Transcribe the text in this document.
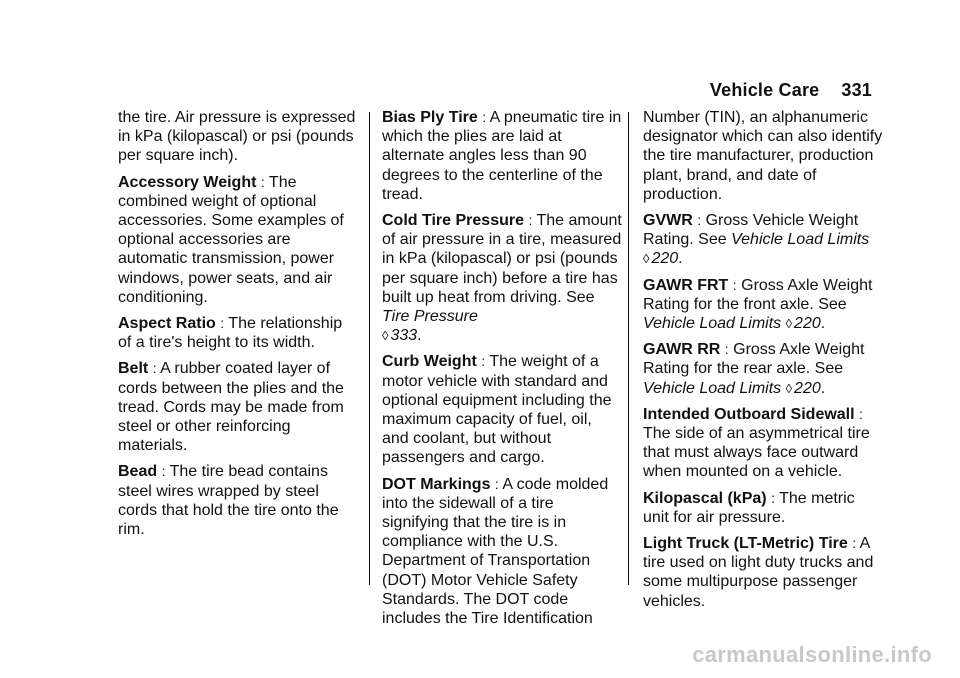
Vehicle Care 331

the tire. Air pressure is expressed in kPa (kilopascal) or psi (pounds per square inch).

Accessory Weight : The combined weight of optional accessories. Some examples of optional accessories are automatic transmission, power windows, power seats, and air conditioning.

Aspect Ratio : The relationship of a tire's height to its width.

Belt : A rubber coated layer of cords between the plies and the tread. Cords may be made from steel or other reinforcing materials.

Bead : The tire bead contains steel wires wrapped by steel cords that hold the tire onto the rim.

Bias Ply Tire : A pneumatic tire in which the plies are laid at alternate angles less than 90 degrees to the centerline of the tread.

Cold Tire Pressure : The amount of air pressure in a tire, measured in kPa (kilopascal) or psi (pounds per square inch) before a tire has built up heat from driving. See Tire Pressure
◊ 333.

Curb Weight : The weight of a motor vehicle with standard and optional equipment including the maximum capacity of fuel, oil, and coolant, but without passengers and cargo.

DOT Markings : A code molded into the sidewall of a tire signifying that the tire is in compliance with the U.S. Department of Transportation (DOT) Motor Vehicle Safety Standards. The DOT code includes the Tire Identification

Number (TIN), an alphanumeric designator which can also identify the tire manufacturer, production plant, brand, and date of production.

GVWR : Gross Vehicle Weight Rating. See Vehicle Load Limits
◊ 220.

GAWR FRT : Gross Axle Weight Rating for the front axle. See Vehicle Load Limits ◊ 220.

GAWR RR : Gross Axle Weight Rating for the rear axle. See Vehicle Load Limits ◊ 220.

Intended Outboard Sidewall : The side of an asymmetrical tire that must always face outward when mounted on a vehicle.

Kilopascal (kPa) : The metric unit for air pressure.

Light Truck (LT-Metric) Tire : A tire used on light duty trucks and some multipurpose passenger vehicles.

carmanualsonline.info
